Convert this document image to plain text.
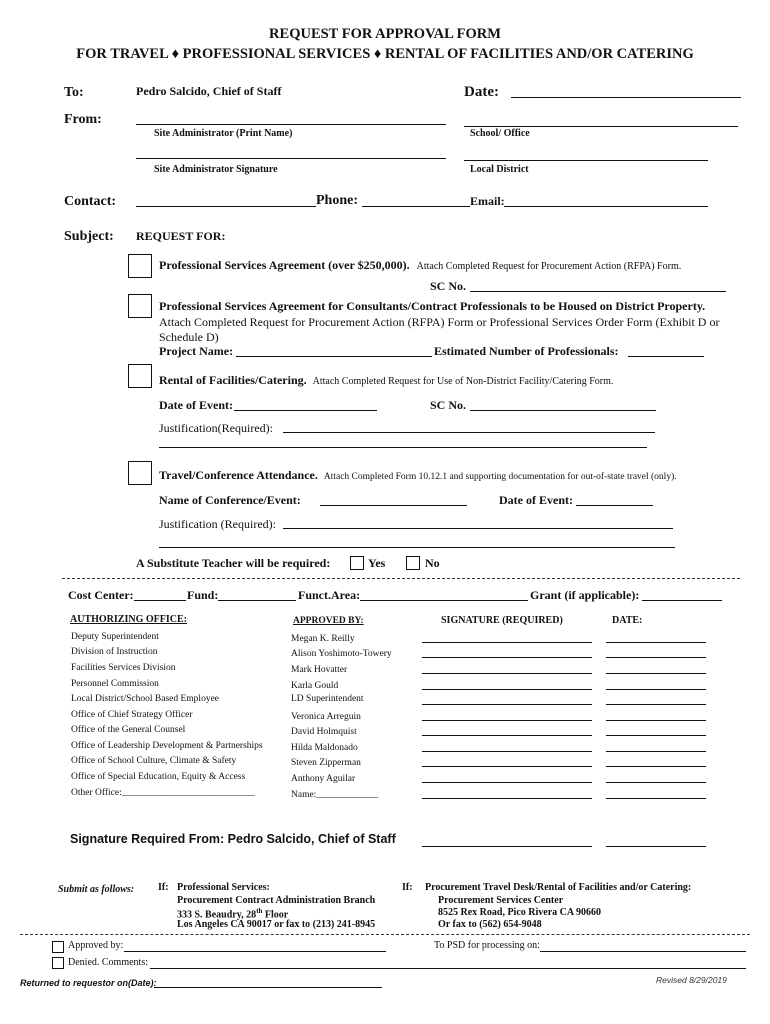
REQUEST FOR APPROVAL FORM
FOR TRAVEL ♦ PROFESSIONAL SERVICES ♦ RENTAL OF FACILITIES AND/OR CATERING
To:	Pedro Salcido, Chief of Staff	Date:
From:
Site Administrator (Print Name)	School/ Office
Site Administrator Signature	Local District
Contact:	Phone:	Email:
Subject: REQUEST FOR:
Professional Services Agreement (over $250,000). Attach Completed Request for Procurement Action (RFPA) Form.
SC No.
Professional Services Agreement for Consultants/Contract Professionals to be Housed on District Property.
Attach Completed Request for Procurement Action (RFPA) Form or Professional Services Order Form (Exhibit D or
Schedule D)
Project Name:	Estimated Number of Professionals:
Rental of Facilities/Catering. Attach Completed Request for Use of Non-District Facility/Catering Form.
Date of Event:	SC No.
Justification(Required):
Travel/Conference Attendance. Attach Completed Form 10.12.1 and supporting documentation for out-of-state travel (only).
Name of Conference/Event:	Date of Event:
Justification (Required):
A Substitute Teacher will be required:	Yes	No
Cost Center:	Fund:	Funct.Area:	Grant (if applicable):
AUTHORIZING OFFICE:	APPROVED BY:	SIGNATURE (REQUIRED)	DATE:
Deputy Superintendent	Megan K. Reilly
Division of Instruction	Alison Yoshimoto-Towery
Facilities Services Division	Mark Hovatter
Personnel Commission	Karla Gould
Local District/School Based Employee	LD Superintendent
Office of Chief Strategy Officer	Veronica Arreguin
Office of the General Counsel	David Holmquist
Office of Leadership Development & Partnerships	Hilda Maldonado
Office of School Culture, Climate & Safety	Steven Zipperman
Office of Special Education, Equity & Access	Anthony Aguilar
Other Office:____________________________	Name:_____________
Signature Required From: Pedro Salcido, Chief of Staff
Submit as follows: If: Professional Services:
Procurement Contract Administration Branch
333 S. Beaudry, 28th Floor
Los Angeles CA 90017 or fax to (213) 241-8945
If: Procurement Travel Desk/Rental of Facilities and/or Catering:
Procurement Services Center
8525 Rex Road, Pico Rivera CA 90660
Or fax to (562) 654-9048
Approved by:	To PSD for processing on:
Denied. Comments:
Returned to requestor on(Date):	Revised 8/29/2019
